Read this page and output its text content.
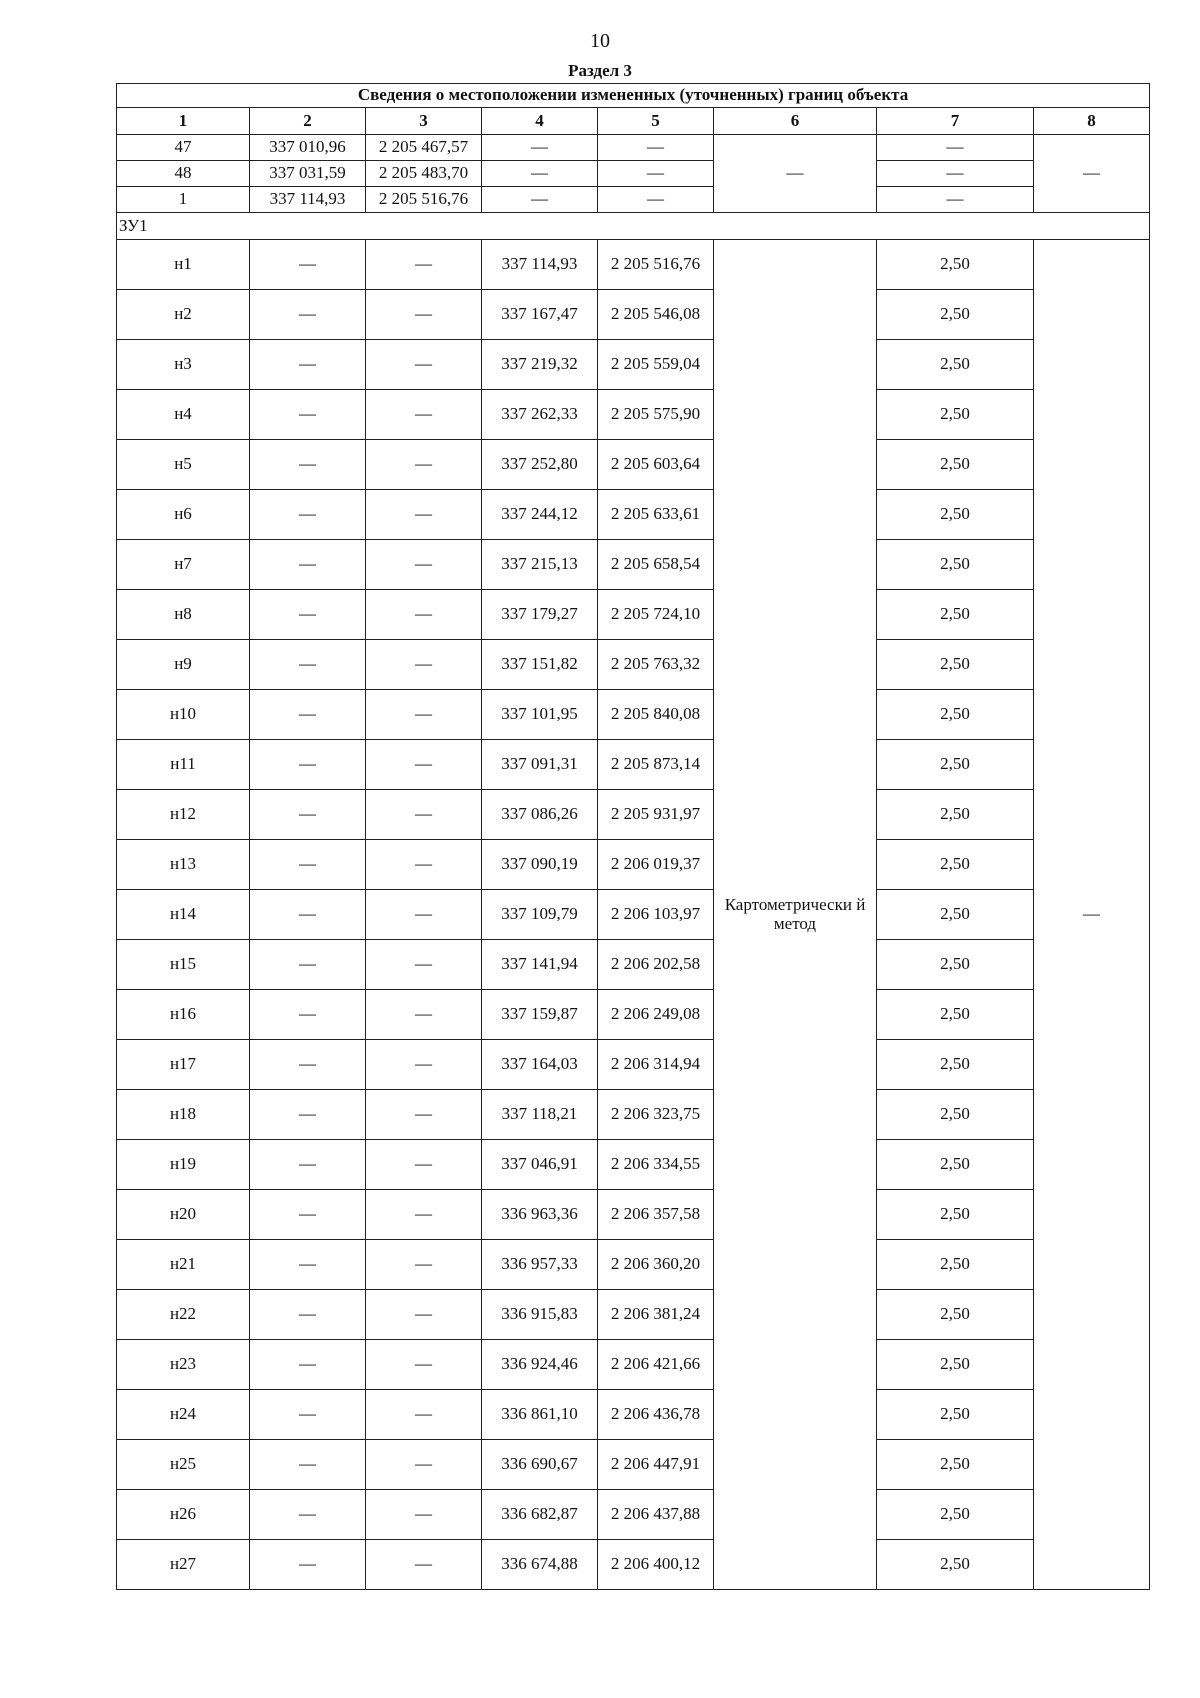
10
Раздел 3
Сведения о местоположении измененных (уточненных) границ объекта							
1	2	3	4	5	6	7	8
47	337 010,96	2 205 467,57	—	—	—	—	—
48	337 031,59	2 205 483,70	—	—		—	
1	337 114,93	2 205 516,76	—	—		—	
ЗУ1							
н1	—	—	337 114,93	2 205 516,76	Картометрически й метод	2,50	—
н2	—	—	337 167,47	2 205 546,08		2,50	
н3	—	—	337 219,32	2 205 559,04		2,50	
н4	—	—	337 262,33	2 205 575,90		2,50	
н5	—	—	337 252,80	2 205 603,64		2,50	
н6	—	—	337 244,12	2 205 633,61		2,50	
н7	—	—	337 215,13	2 205 658,54		2,50	
н8	—	—	337 179,27	2 205 724,10		2,50	
н9	—	—	337 151,82	2 205 763,32		2,50	
н10	—	—	337 101,95	2 205 840,08		2,50	
н11	—	—	337 091,31	2 205 873,14		2,50	
н12	—	—	337 086,26	2 205 931,97		2,50	
н13	—	—	337 090,19	2 206 019,37		2,50	
н14	—	—	337 109,79	2 206 103,97		2,50	
н15	—	—	337 141,94	2 206 202,58		2,50	
н16	—	—	337 159,87	2 206 249,08		2,50	
н17	—	—	337 164,03	2 206 314,94		2,50	
н18	—	—	337 118,21	2 206 323,75		2,50	
н19	—	—	337 046,91	2 206 334,55		2,50	
н20	—	—	336 963,36	2 206 357,58		2,50	
н21	—	—	336 957,33	2 206 360,20		2,50	
н22	—	—	336 915,83	2 206 381,24		2,50	
н23	—	—	336 924,46	2 206 421,66		2,50	
н24	—	—	336 861,10	2 206 436,78		2,50	
н25	—	—	336 690,67	2 206 447,91		2,50	
н26	—	—	336 682,87	2 206 437,88		2,50	
н27	—	—	336 674,88	2 206 400,12		2,50	
